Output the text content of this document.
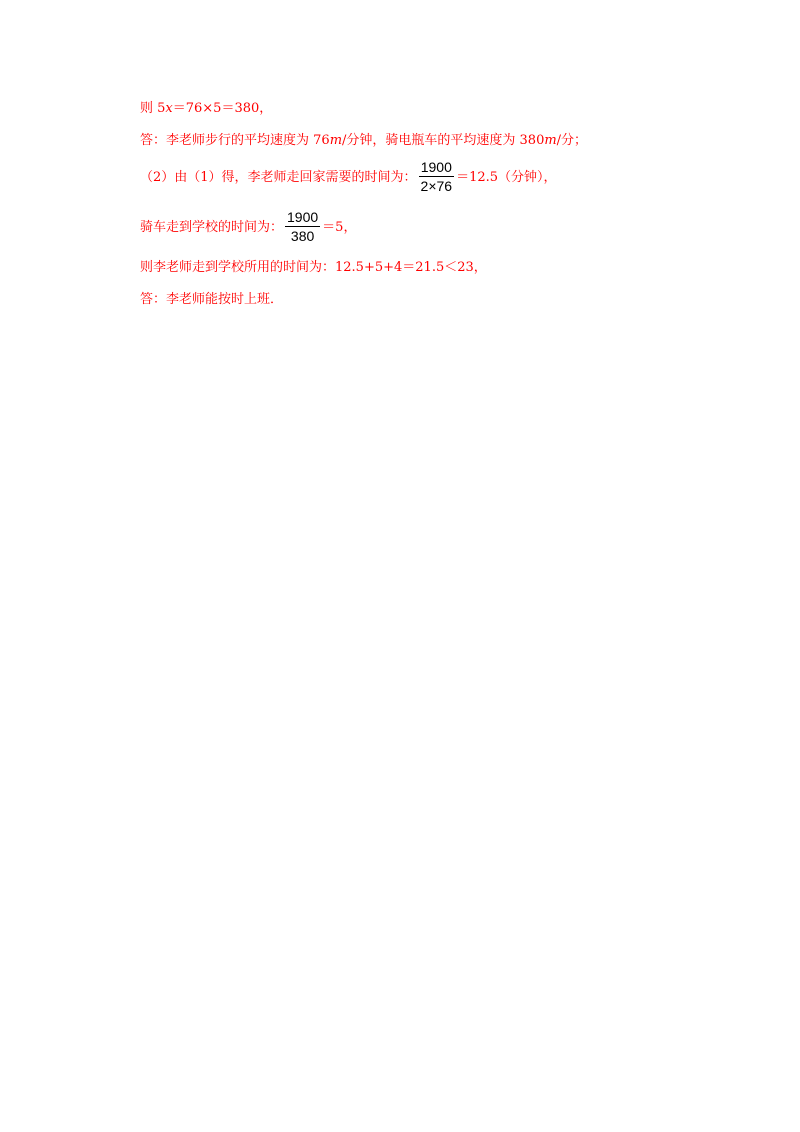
则 5x＝76×5＝380，
答：李老师步行的平均速度为 76m/分钟，骑电瓶车的平均速度为 380m/分；
（2）由（1）得，李老师走回家需要的时间为： $\frac{1900}{2\times 76} =12.5$（分钟），
骑车走到学校的时间为： $\frac{1900}{380} =5$，
则李老师走到学校所用的时间为：12.5+5+4＝21.5＜23，
答：李老师能按时上班．
